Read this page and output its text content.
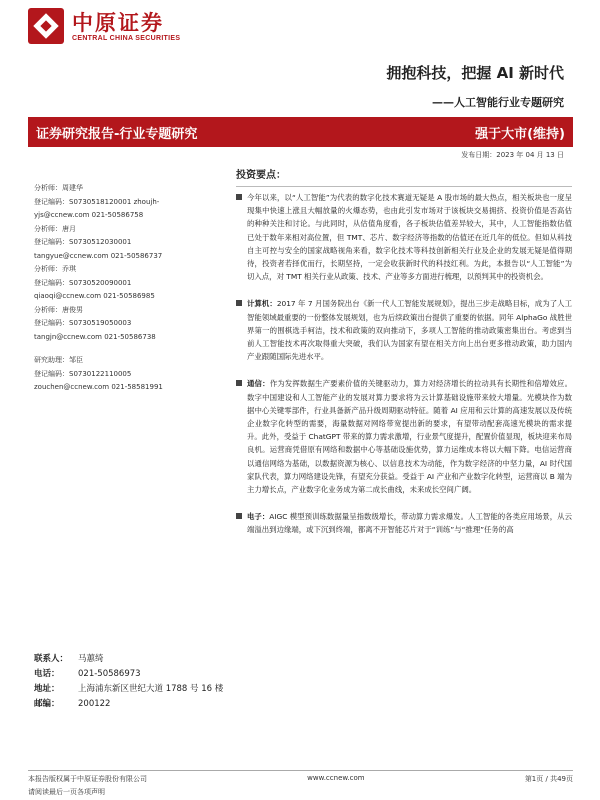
中原证券
CENTRAL CHINA SECURITIES
拥抱科技，把握 AI 新时代
——人工智能行业专题研究
证券研究报告-行业专题研究	强于大市(维持)
发布日期：2023 年 04 月 13 日
分析师：周建华
登记编码：S0730518120001 zhoujh-
yjs@ccnew.com 021-50586758
分析师：唐月
登记编码：S0730512030001
tangyue@ccnew.com 021-50586737
分析师：乔琪
登记编码：S0730520090001
qiaoqi@ccnew.com 021-50586985
分析师：唐俊男
登记编码：S0730519050003
tangjn@ccnew.com 021-50586738
研究助理：邹臣
登记编码：S0730122110005
zouchen@ccnew.com 021-58581991
联系人：	马蕙绮
电话：	021-50586973
地址：	上海浦东新区世纪大道 1788 号 16 楼
邮编：	200122
投资要点：
今年以来，以“人工智能”为代表的数字化技术赛道无疑是 A 股市场的最大热点，相关板块也一度呈现集中快速上涨且大幅放量的火爆态势，也由此引发市场对于该板块交易拥挤、投资价值是否高估的种种关注和讨论。与此同时，从估值角度看，各子板块估值差异较大，其中，人工智能指数估值已处于数年来相对高位置，但 TMT、芯片、数字经济等指数的估值还在近几年的低位。但如从科技自主可控与安全的国家战略视角来看，数字化技术等科技创新相关行业及企业的发展无疑是值得期待，投资者若择优而行，长期坚持，一定会收获新时代的科技红利。为此，本报告以“人工智能”为切入点，对 TMT 相关行业从政策、技术、产业等多方面进行梳理，以预判其中的投资机会。
计算机：2017 年 7 月国务院出台《新一代人工智能发展规划》，提出三步走战略目标，成为了人工智能领域最重要的一份整体发展规划，也为后续政策出台提供了重要的依据。同年 AlphaGo 战胜世界第一的围棋选手柯洁，技术和政策的双向推动下，多项人工智能的推动政策密集出台。考虑到当前人工智能技术再次取得重大突破，我们认为国家有望在相关方向上出台更多推动政策，助力国内产业跟随国际先进水平。
通信：作为发挥数据生产要素价值的关键驱动力，算力对经济增长的拉动具有长期性和倍增效应。数字中国建设和人工智能产业的发展对算力要求将为云计算基础设施带来较大增量。光模块作为数据中心关键零部件，行业具备新产品升级周期驱动特征。随着 AI 应用和云计算的高速发展以及传统企业数字化转型的需要，海量数据对网络带宽提出新的要求，有望带动配套高速光模块的需求提升。此外，受益于 ChatGPT 带来的算力需求激增，行业景气度提升，配置价值显现，板块迎来布局良机。运营商凭借原有网络和数据中心等基础设施优势，算力运维成本将以大幅下降。电信运营商以通信网络为基础，以数据资源为核心、以信息技术为动能，作为数字经济的中坚力量，AI 时代国家队代表，算力网络建设先锋，有望充分获益。受益于 AI 产业和产业数字化转型，运营商以 B 端为主力增长点，产业数字化业务成为第二成长曲线，未来成长空间广阔。
电子：AIGC 模型预训练数据量呈指数级增长，带动算力需求爆发。人工智能的各类应用场景，从云端溢出到边缘端，或下沉到终端，都离不开智能芯片对于“训练”与“推理”任务的高
本报告版权属于中原证券股份有限公司	www.ccnew.com	第1页 / 共49页
请阅读最后一页各项声明
